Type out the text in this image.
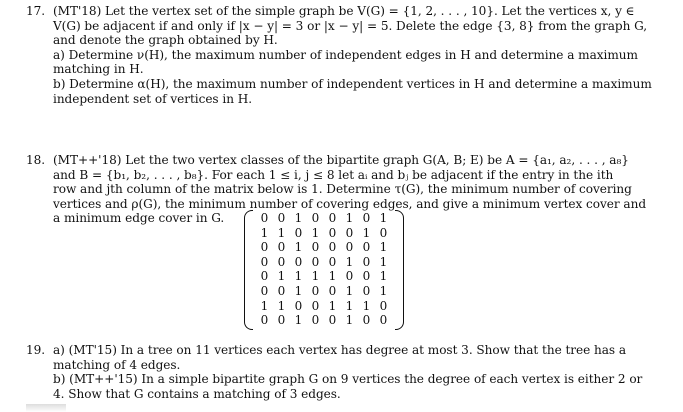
17. (MT'18) Let the vertex set of the simple graph be V(G) = {1, 2, . . . , 10}. Let the vertices x, y ∈
V(G) be adjacent if and only if |x − y| = 3 or |x − y| = 5. Delete the edge {3, 8} from the graph G,
and denote the graph obtained by H.
a) Determine ν(H), the maximum number of independent edges in H and determine a maximum
matching in H.
b) Determine α(H), the maximum number of independent vertices in H and determine a maximum
independent set of vertices in H.
18. (MT++'18) Let the two vertex classes of the bipartite graph G(A, B; E) be A = {a₁, a₂, . . . , a₈}
and B = {b₁, b₂, . . . , b₈}. For each 1 ≤ i, j ≤ 8 let aᵢ and bⱼ be adjacent if the entry in the ith
row and jth column of the matrix below is 1. Determine τ(G), the minimum number of covering
vertices and ρ(G), the minimum number of covering edges, and give a minimum vertex cover and
a minimum edge cover in G.	0 0 1 0 0 1 0 1
1 1 0 1 0 0 1 0
0 0 1 0 0 0 0 1
0 0 0 0 0 1 0 1
0 1 1 1 1 0 0 1
0 0 1 0 0 1 0 1
1 1 0 0 1 1 1 0
0 0 1 0 0 1 0 0
19. a) (MT'15) In a tree on 11 vertices each vertex has degree at most 3. Show that the tree has a
matching of 4 edges.
b) (MT++'15) In a simple bipartite graph G on 9 vertices the degree of each vertex is either 2 or
4. Show that G contains a matching of 3 edges.
